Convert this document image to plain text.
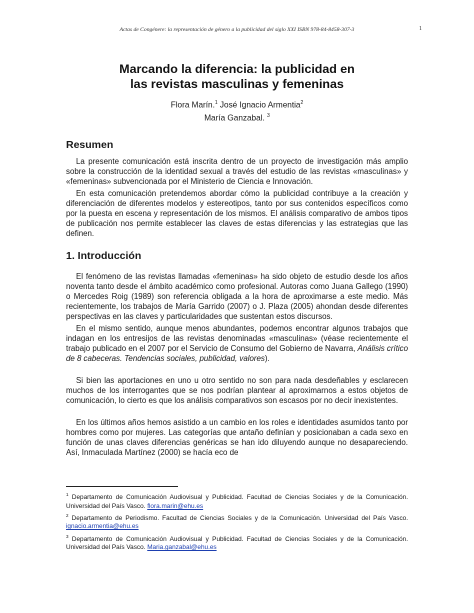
Actas de Congénere: la representación de género a la publicidad del siglo XXI ISBN 978-84-8458-307-3	1
Marcando la diferencia: la publicidad en
las revistas masculinas y femeninas
Flora Marín.$^1$ José Ignacio Armentia$^2$
María Ganzabal. $^3$
Resumen

La presente comunicación está inscrita dentro de un proyecto de investigación más amplio sobre la construcción de la identidad sexual a través del estudio de las revistas «masculinas» y «femeninas» subvencionada por el Ministerio de Ciencia e Innovación.

En esta comunicación pretendemos abordar cómo la publicidad contribuye a la creación y diferenciación de diferentes modelos y estereotipos, tanto por sus contenidos específicos como por la puesta en escena y representación de los mismos. El análisis comparativo de ambos tipos de publicación nos permite establecer las claves de estas diferencias y las estrategias que las definen.

1. Introducción

El fenómeno de las revistas llamadas «femeninas» ha sido objeto de estudio desde los años noventa tanto desde el ámbito académico como profesional. Autoras como Juana Gallego (1990) o Mercedes Roig (1989) son referencia obligada a la hora de aproximarse a este medio. Más recientemente, los trabajos de María Garrido (2007) o J. Plaza (2005) ahondan desde diferentes perspectivas en las claves y particularidades que sustentan estos discursos.

En el mismo sentido, aunque menos abundantes, podemos encontrar algunos trabajos que indagan en los entresijos de las revistas denominadas «masculinas» (véase recientemente el trabajo publicado en el 2007 por el Servicio de Consumo del Gobierno de Navarra, Análisis crítico de 8 cabeceras. Tendencias sociales, publicidad, valores).

Si bien las aportaciones en uno u otro sentido no son para nada desdeñables y esclarecen muchos de los interrogantes que se nos podrían plantear al aproximarnos a estos objetos de comunicación, lo cierto es que los análisis comparativos son escasos por no decir inexistentes.

En los últimos años hemos asistido a un cambio en los roles e identidades asumidos tanto por hombres como por mujeres. Las categorías que antaño definían y posicionaban a cada sexo en función de unas claves diferencias genéricas se han ido diluyendo aunque no desapareciendo. Así, Inmaculada Martínez (2000) se hacía eco de

$^1$ Departamento de Comunicación Audiovisual y Publicidad. Facultad de Ciencias Sociales y de la Comunicación. Universidad del País Vasco. flora.marin@ehu.es

$^2$ Departamento de Periodismo. Facultad de Ciencias Sociales y de la Comunicación. Universidad del País Vasco. ignacio.armentia@ehu.es

$^3$ Departamento de Comunicación Audiovisual y Publicidad. Facultad de Ciencias Sociales y de la Comunicación. Universidad del País Vasco. Maria.ganzabal@ehu.es
